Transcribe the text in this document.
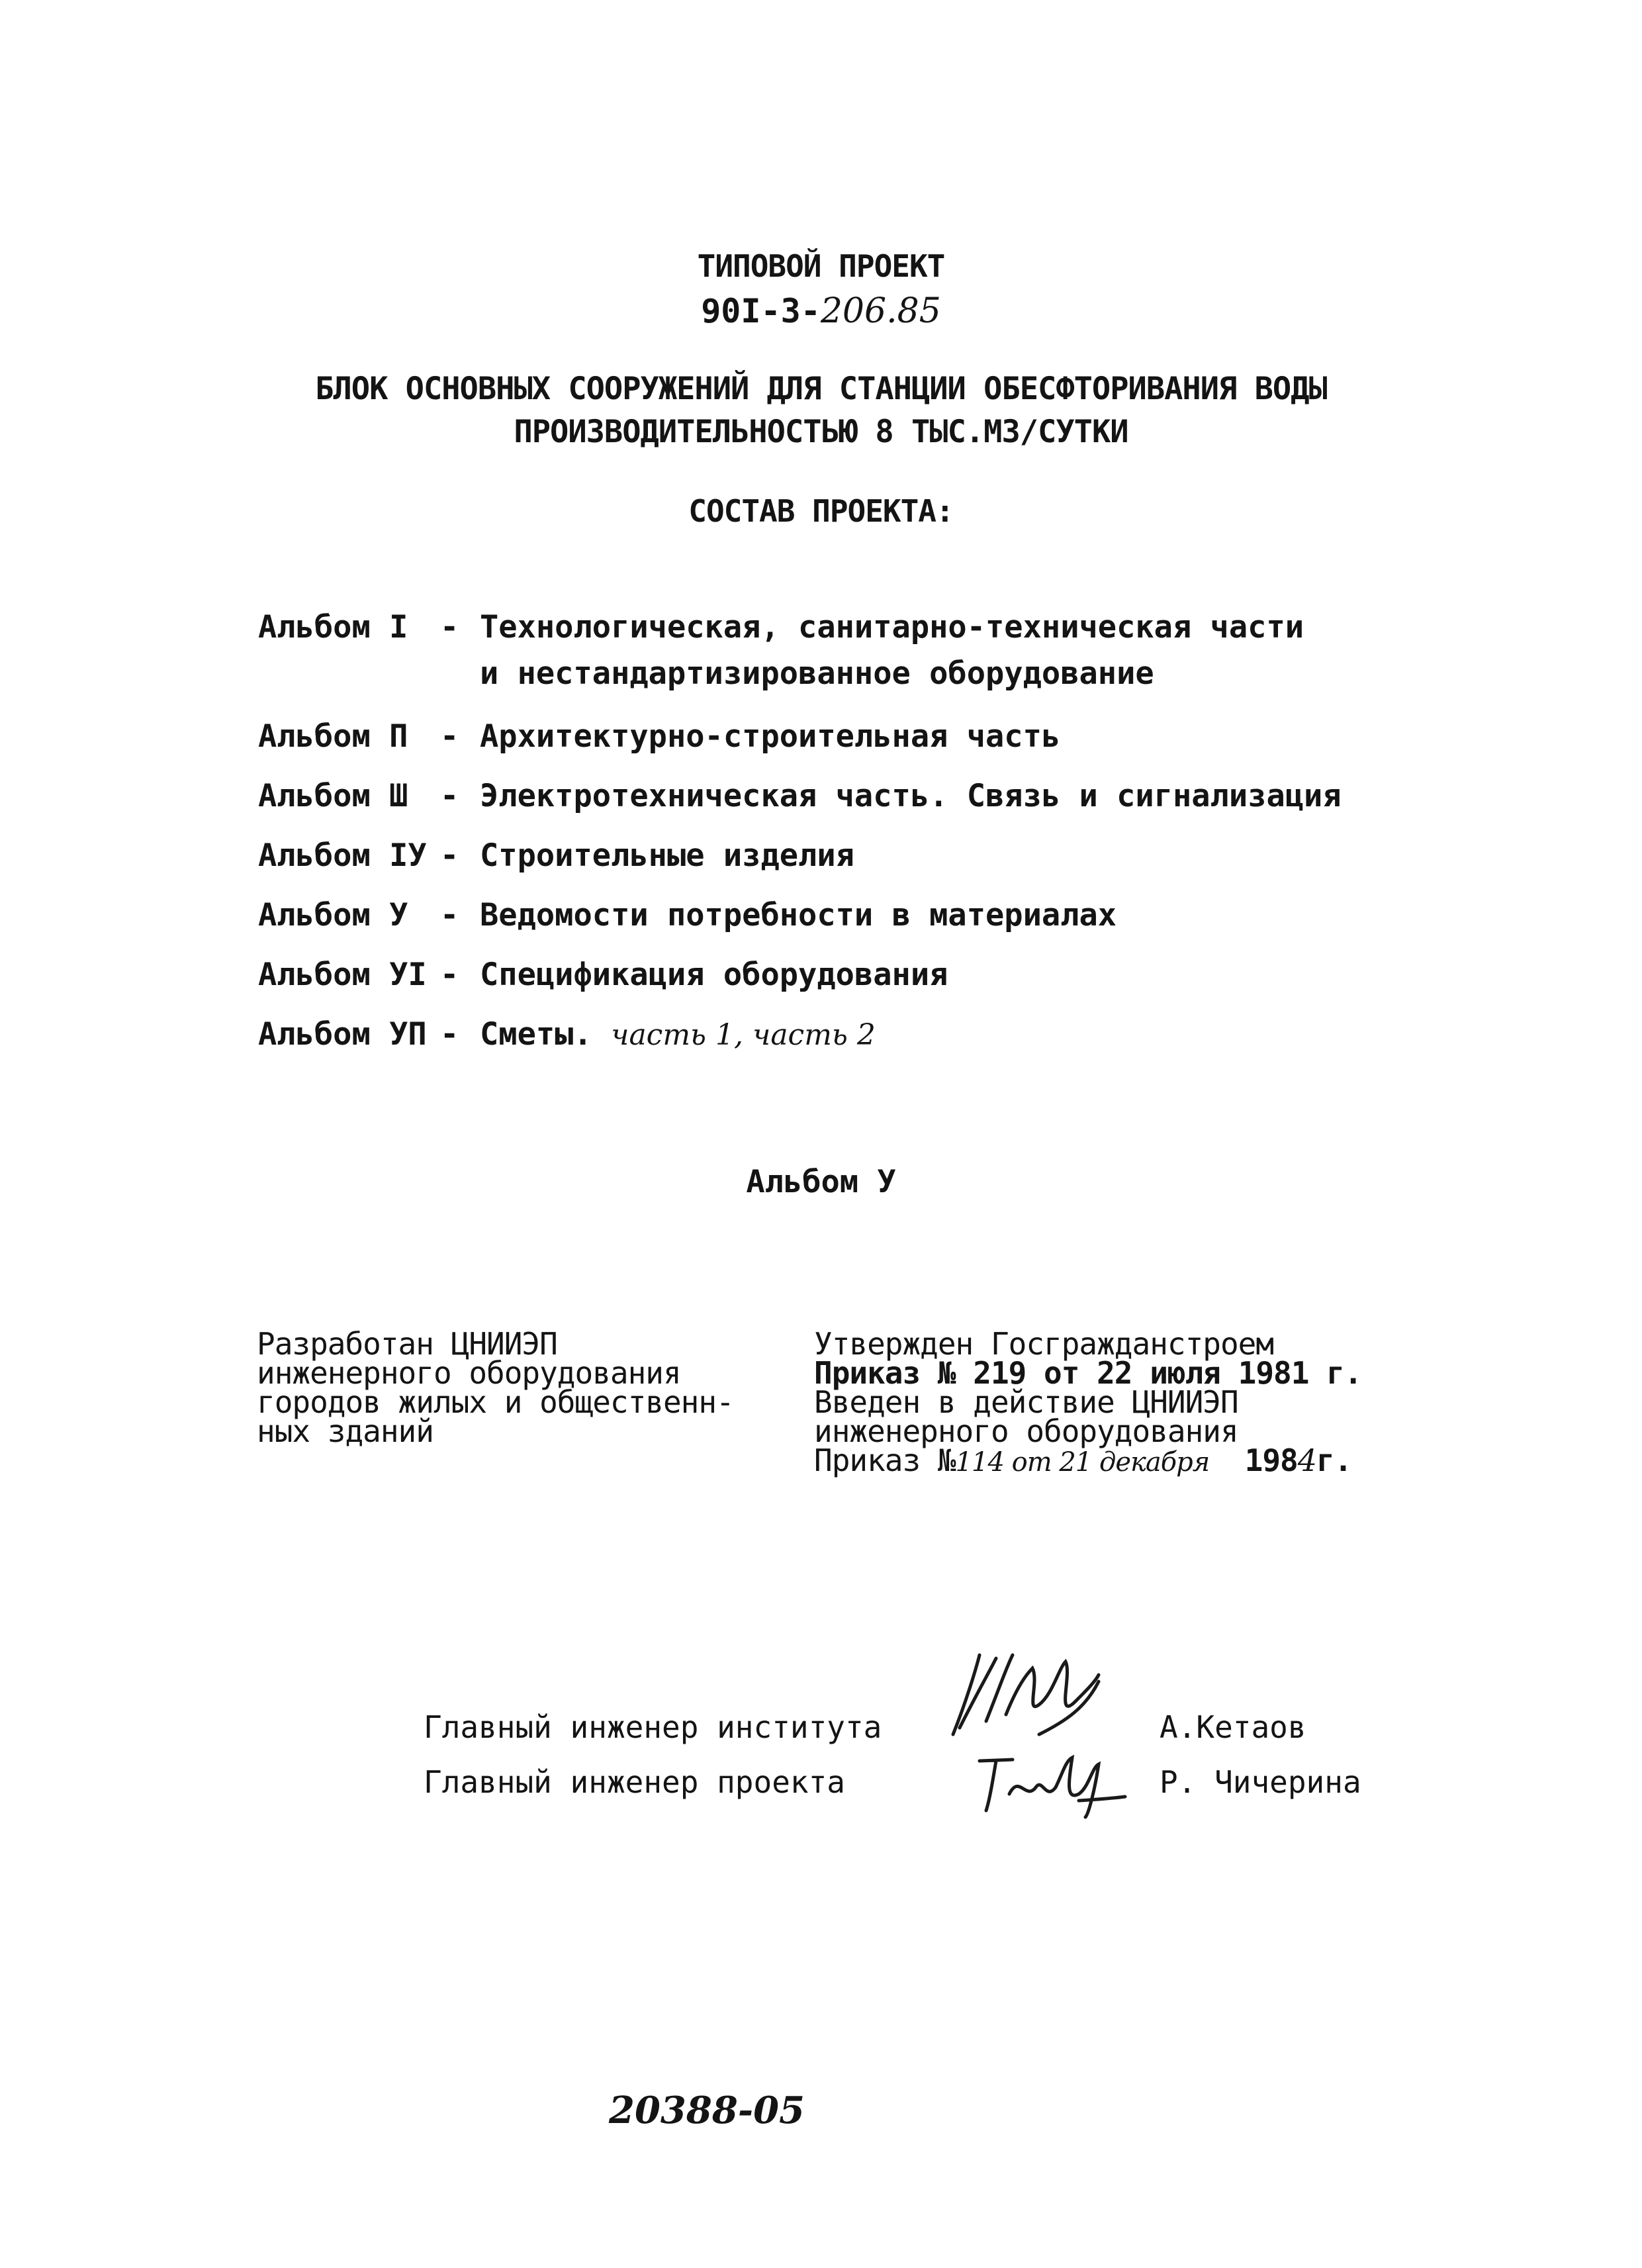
ТИПОВОЙ ПРОЕКТ
90I-3-206.85
БЛОК ОСНОВНЫХ СООРУЖЕНИЙ ДЛЯ СТАНЦИИ ОБЕСФТОРИВАНИЯ ВОДЫ
ПРОИЗВОДИТЕЛЬНОСТЬЮ 8 ТЫС.М3/СУТКИ
СОСТАВ ПРОЕКТА:
Альбом I - Технологическая, санитарно-техническая части
и нестандартизированное оборудование
Альбом П - Архитектурно-строительная часть
Альбом Ш - Электротехническая часть. Связь и сигнализация
Альбом IУ - Строительные изделия
Альбом У - Ведомости потребности в материалах
Альбом УI - Спецификация оборудования
Альбом УП - Сметы. часть 1, часть 2
Альбом У
Разработан ЦНИИЭП
инженерного оборудования
городов жилых и общественн-
ных зданий
Утвержден Госгражданстроем
Приказ № 219 от 22 июля 1981 г.
Введен в действие ЦНИИЭП
инженерного оборудования
Приказ №114 от 21 декабря 1984г.
Главный инженер института	А.Кетаов
Главный инженер проекта	Р. Чичерина
20388-05
